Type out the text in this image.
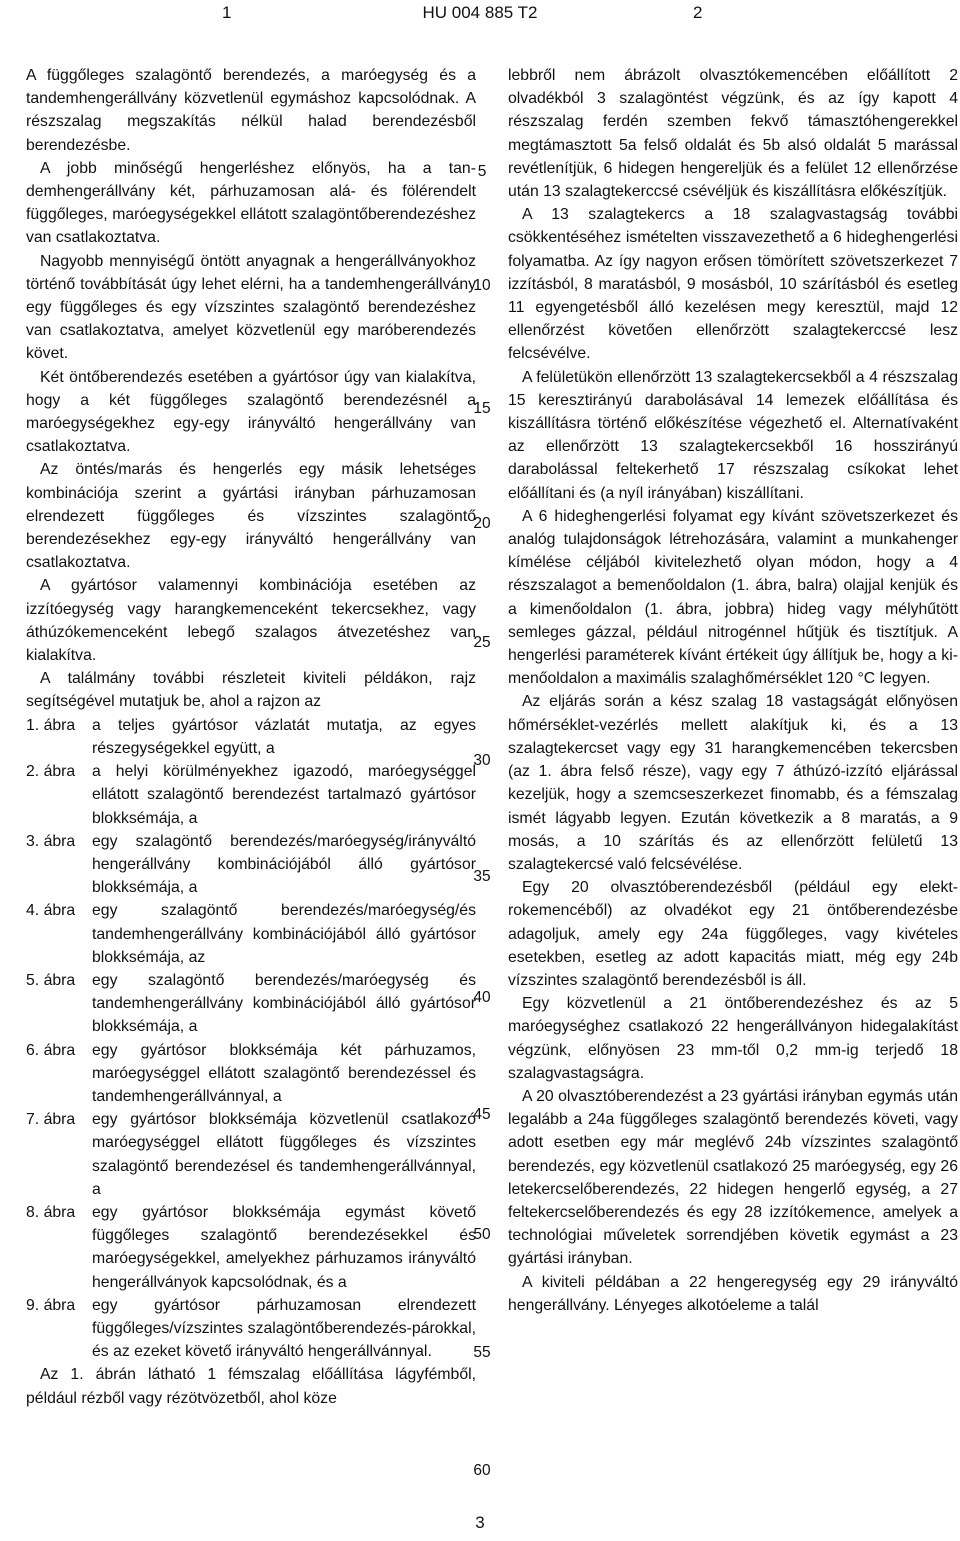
1	HU 004 885 T2	2

A függőleges szalagöntő berendezés, a maróegység és a tandemhengerállvány közvetlenül egymáshoz kapcsolódnak. A részszalag megszakítás nélkül halad berendezésből berendezésbe.

A jobb minőségű hengerléshez előnyös, ha a tandemhengerállvány két, párhuzamosan alá- és fölérendelt függőleges, maróegységekkel ellátott szalagöntőberendezéshez van csatlakoztatva.

Nagyobb mennyiségű öntött anyagnak a hengerállványokhoz történő továbbítását úgy lehet elérni, ha a tandemhengerállvány egy függőleges és egy vízszintes szalagöntő berendezéshez van csatlakoztatva, amelyet közvetlenül egy maróberendezés követ.

Két öntőberendezés esetében a gyártósor úgy van kialakítva, hogy a két függőleges szalagöntő berendezésnél a maróegységekhez egy-egy irányváltó hengerállvány van csatlakoztatva.

Az öntés/marás és hengerlés egy másik lehetséges kombinációja szerint a gyártási irányban párhuzamosan elrendezett függőleges és vízszintes szalagöntő berendezésekhez egy-egy irányváltó hengerállvány van csatlakoztatva.

A gyártósor valamennyi kombinációja esetében az izzítóegység vagy harangkemenceként tekercsekhez, vagy áthúzókemenceként lebegő szalagos átvezetéshez van kialakítva.

A találmány további részleteit kiviteli példákon, rajz segítségével mutatjuk be, ahol a rajzon az

1. ábra	a teljes gyártósor vázlatát mutatja, az egyes részegységekkel együtt, a
2. ábra	a helyi körülményekhez igazodó, maróegységgel ellátott szalagöntő berendezést tartalmazó gyártósor blokksémája, a
3. ábra	egy szalagöntő berendezés/maróegység/irányváltó hengerállvány kombinációjából álló gyártósor blokksémája, a
4. ábra	egy szalagöntő berendezés/maróegység/és tandemhengerállvány kombinációjából álló gyártósor blokksémája, az
5. ábra	egy szalagöntő berendezés/maróegység és tandemhengerállvány kombinációjából álló gyártósor blokksémája, a
6. ábra	egy gyártósor blokksémája két párhuzamos, maróegységgel ellátott szalagöntő berendezéssel és tandemhengerállvánnyal, a
7. ábra	egy gyártósor blokksémája közvetlenül csatlakozó maróegységgel ellátott függőleges és vízszintes szalagöntő berendezésel és tandemhengerállvánnyal, a
8. ábra	egy gyártósor blokksémája egymást követő függőleges szalagöntő berendezésekkel és maróegységekkel, amelyekhez párhuzamos irányváltó hengerállványok kapcsolódnak, és a
9. ábra	egy gyártósor párhuzamosan elrendezett függőleges/vízszintes szalagöntőberendezés-párokkal, és az ezeket követő irányváltó hengerállvánnyal.

Az 1. ábrán látható 1 fémszalag előállítása lágyfémből, például rézből vagy rézötvözetből, ahol köze

5
10
15
20
25
30
35
40
45
50
55
60

lebbről nem ábrázolt olvasztókemencében előállított 2 olvadékból 3 szalagöntést végzünk, és az így kapott 4 részszalag ferdén szemben fekvő támasztóhengerekkel megtámasztott 5a felső oldalát és 5b alsó oldalát 5 marással revétlenítjük, 6 hidegen hengereljük és a felület 12 ellenőrzése után 13 szalagtekerccsé csévéljük és kiszállításra előkészítjük.

A 13 szalagtekercs a 18 szalagvastagság további csökkentéséhez ismételten visszavezethető a 6 hideghengerlési folyamatba. Az így nagyon erősen tömörített szövetszerkezet 7 izzításból, 8 maratásból, 9 mosásból, 10 szárításból és esetleg 11 egyengetésből álló kezelésen megy keresztül, majd 12 ellenőrzést követően ellenőrzött szalagtekerccsé lesz felcsévélve.

A felületükön ellenőrzött 13 szalagtekercsekből a 4 részszalag 15 keresztirányú darabolásával 14 lemezek előállítása és kiszállításra történő előkészítése végezhető el. Alternatívaként az ellenőrzött 13 szalagtekercsekből 16 hosszirányú darabolással feltekerhető 17 részszalag csíkokat lehet előállítani és (a nyíl irányában) kiszállítani.

A 6 hideghengerlési folyamat egy kívánt szövetszerkezet és analóg tulajdonságok létrehozására, valamint a munkahenger kímélése céljából kivitelezhető olyan módon, hogy a 4 részszalagot a bemenőoldalon (1. ábra, balra) olajjal kenjük és a kimenőoldalon (1. ábra, jobbra) hideg vagy mélyhűtött semleges gázzal, például nitrogénnel hűtjük és tisztítjuk. A hengerlési paraméterek kívánt értékeit úgy állítjuk be, hogy a kimenőoldalon a maximális szalaghőmérséklet 120 °C legyen.

Az eljárás során a kész szalag 18 vastagságát előnyösen hőmérséklet-vezérlés mellett alakítjuk ki, és a 13 szalagtekercset vagy egy 31 harangkemencében tekercsben (az 1. ábra felső része), vagy egy 7 áthúzó-izzító eljárással kezeljük, hogy a szemcseszerkezet finomabb, és a fémszalag ismét lágyabb legyen. Ezután következik a 8 maratás, a 9 mosás, a 10 szárítás és az ellenőrzött felületű 13 szalagtekercsé való felcsévélése.

Egy 20 olvasztóberendezésből (például egy elektrokemencéből) az olvadékot egy 21 öntőberendezésbe adagoljuk, amely egy 24a függőleges, vagy kivételes esetekben, esetleg az adott kapacitás miatt, még egy 24b vízszintes szalagöntő berendezésből is áll.

Egy közvetlenül a 21 öntőberendezéshez és az 5 maróegységhez csatlakozó 22 hengerállványon hidegalakítást végzünk, előnyösen 23 mm-től 0,2 mm-ig terjedő 18 szalagvastagságra.

A 20 olvasztóberendezést a 23 gyártási irányban egymás után legalább a 24a függőleges szalagöntő berendezés követi, vagy adott esetben egy már meglévő 24b vízszintes szalagöntő berendezés, egy közvetlenül csatlakozó 25 maróegység, egy 26 letekercselőberendezés, 22 hidegen hengerlő egység, a 27 feltekercselőberendezés és egy 28 izzítókemence, amelyek a technológiai műveletek sorrendjében követik egymást a 23 gyártási irányban.

A kiviteli példában a 22 hengeregység egy 29 irányváltó hengerállvány. Lényeges alkotóeleme a talál

3
